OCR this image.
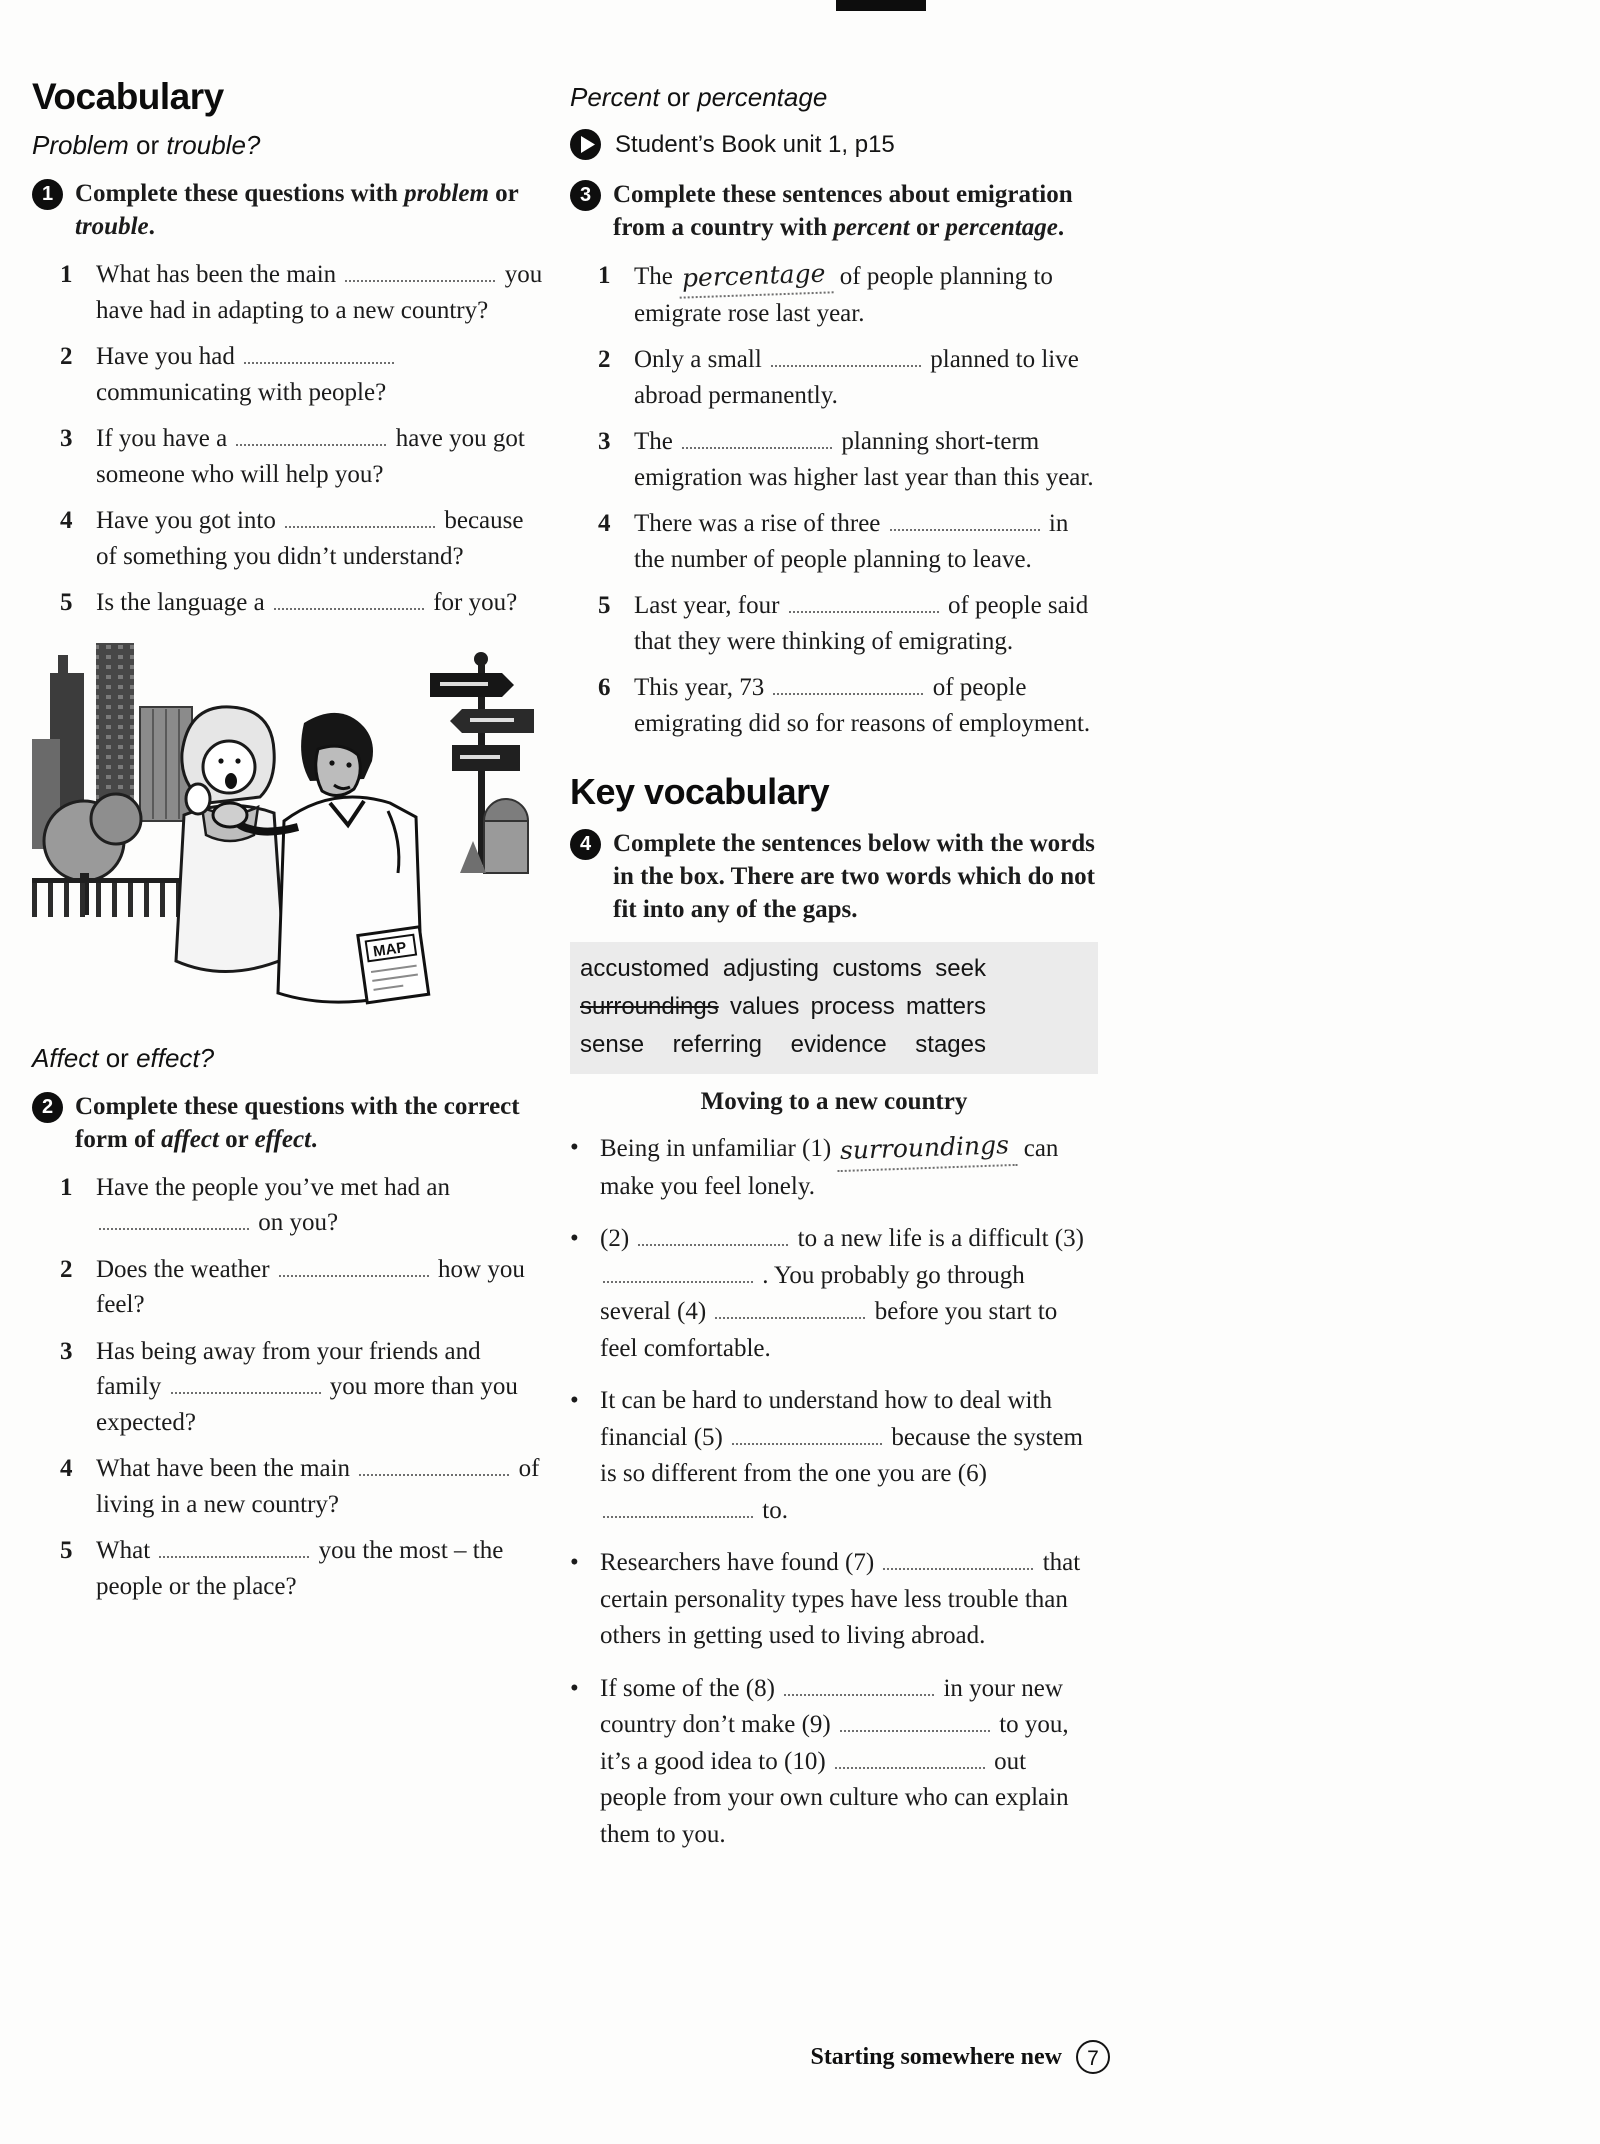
Vocabulary
Problem or trouble?
1 Complete these questions with problem or trouble.
1 What has been the main	you have had in adapting to a new country?
2 Have you had  communicating with people?
3 If you have a	have you got someone who will help you?
4 Have you got into	because of something you didn’t understand?
5 Is the language a	for you?
MAP
Affect or effect?
2 Complete these questions with the correct form of affect or effect.
1 Have the people you’ve met had an  on you?
2 Does the weather	how you feel?
3 Has being away from your friends and family	you more than you expected?
4 What have been the main	of living in a new country?
5 What	you the most – the people or the place?
Percent or percentage
Student’s Book unit 1, p15
3 Complete these sentences about emigration from a country with percent or percentage.
1 The percentage of people planning to emigrate rose last year.
2 Only a small	planned to live abroad permanently.
3 The	planning short-term emigration was higher last year than this year.
4 There was a rise of three	in the number of people planning to leave.
5 Last year, four	of people said that they were thinking of emigrating.
6 This year, 73	of people emigrating did so for reasons of employment.
Key vocabulary
4 Complete the sentences below with the words in the box. There are two words which do not fit into any of the gaps.
accustomed adjusting customs seek
surroundings values process matters
sense referring evidence stages
Moving to a new country
• Being in unfamiliar (1) surroundings can make you feel lonely.
• (2)	to a new life is a difficult (3)  . You probably go through several (4)	before you start to feel comfortable.
• It can be hard to understand how to deal with financial (5)	because the system is so different from the one you are (6)  to.
• Researchers have found (7)	that certain personality types have less trouble than others in getting used to living abroad.
• If some of the (8)	in your new country don’t make (9)	to you, it’s a good idea to (10)	out people from your own culture who can explain them to you.
Starting somewhere new	7
